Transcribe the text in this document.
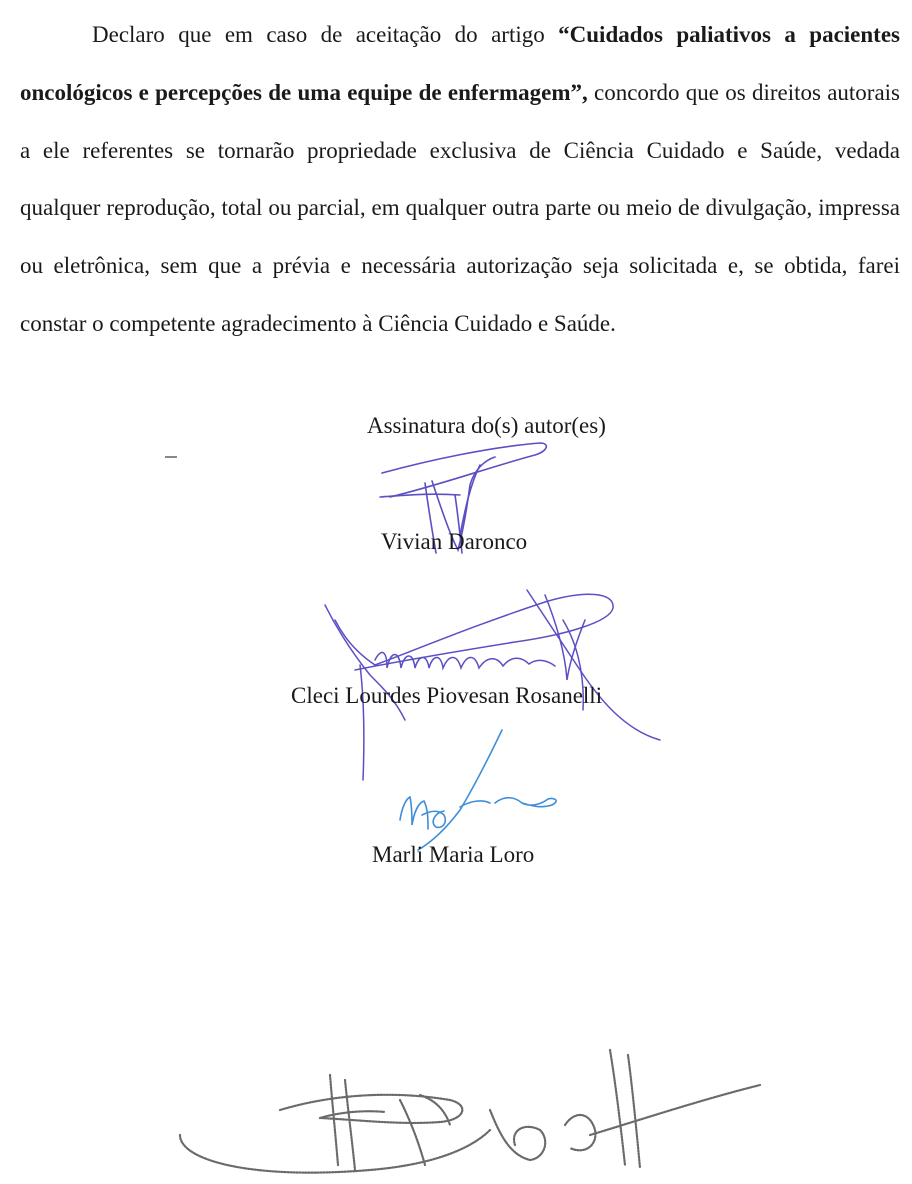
Declaro que em caso de aceitação do artigo “Cuidados paliativos a pacientes oncológicos e percepções de uma equipe de enfermagem”, concordo que os direitos autorais a ele referentes se tornarão propriedade exclusiva de Ciência Cuidado e Saúde, vedada qualquer reprodução, total ou parcial, em qualquer outra parte ou meio de divulgação, impressa ou eletrônica, sem que a prévia e necessária autorização seja solicitada e, se obtida, farei constar o competente agradecimento à Ciência Cuidado e Saúde.

Assinatura do(s) autor(es)
Vivian Daronco
Cleci Lourdes Piovesan Rosanelli
Marli Maria Loro
